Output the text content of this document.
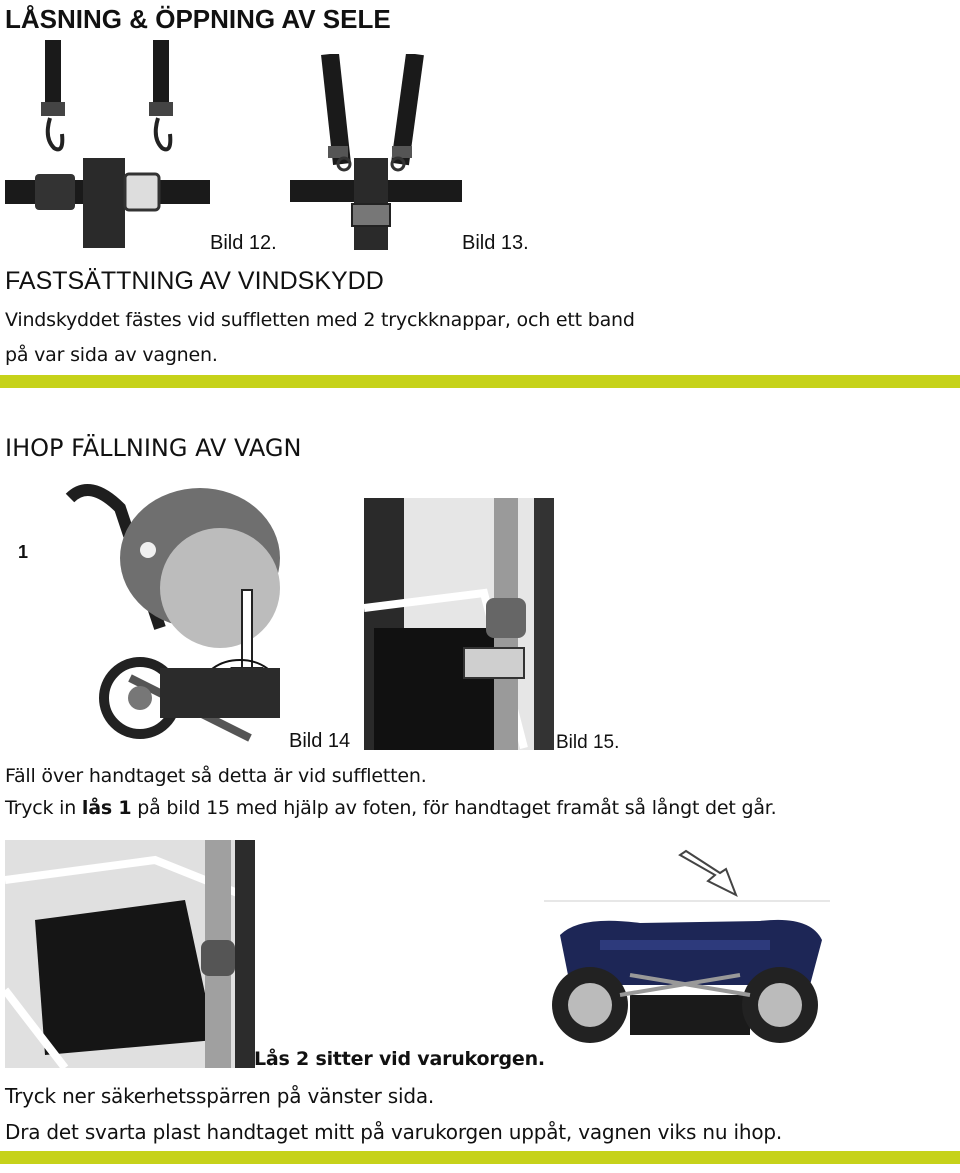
LÅSNING & ÖPPNING AV SELE
Bild 12.	Bild 13.
FASTSÄTTNING AV VINDSKYDD
Vindskyddet fästes vid suffletten med 2 tryckknappar, och ett band
på var sida av vagnen.
IHOP FÄLLNING AV VAGN
1
Bild 14	Bild 15.
Fäll över handtaget så detta är vid suffletten.
Tryck in lås 1 på bild 15 med hjälp av foten, för handtaget framåt så långt det går.
Lås 2 sitter vid varukorgen.
Tryck ner säkerhetsspärren på vänster sida.
Dra det svarta plast handtaget mitt på varukorgen uppåt, vagnen viks nu ihop.
